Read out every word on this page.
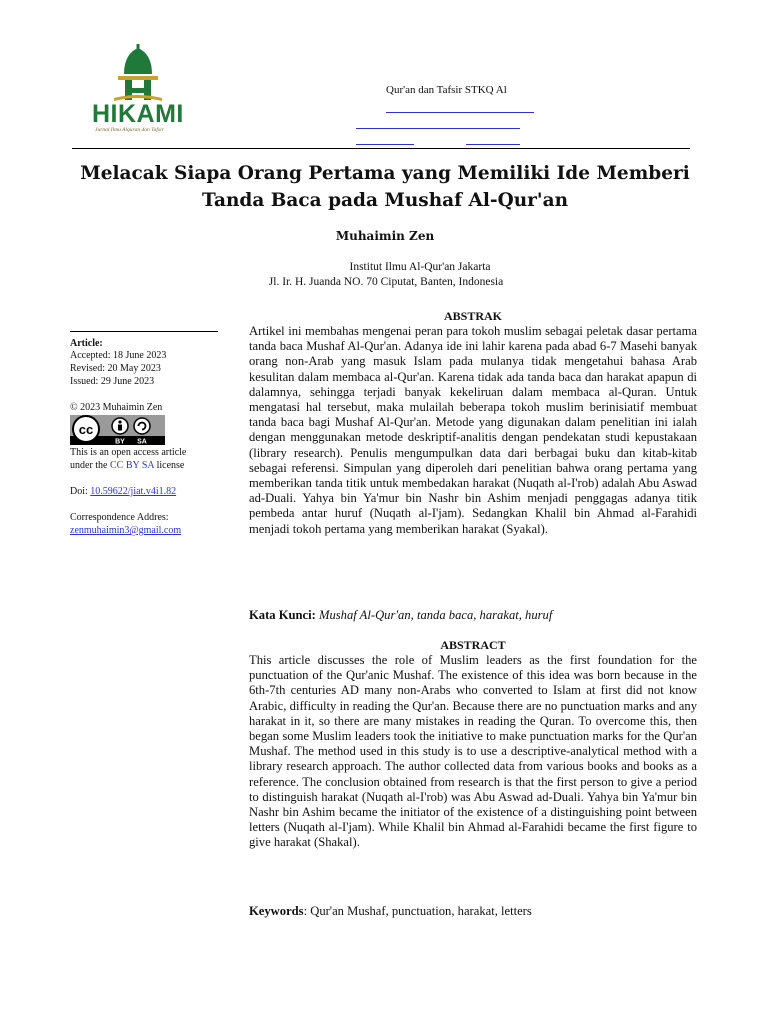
HIKAMI
Jurnal Ilmu Alquran dan Tafsir
Qur'an dan Tafsir STKQ Al
Melacak Siapa Orang Pertama yang Memiliki Ide Memberi Tanda Baca pada Mushaf Al-Qur'an
Muhaimin Zen
Institut Ilmu Al-Qur'an Jakarta
Jl. Ir. H. Juanda NO. 70 Ciputat, Banten, Indonesia
Article:
Accepted: 18 June 2023
Revised: 20 May 2023
Issued: 29 June 2023
© 2023 Muhaimin Zen
cc
BY SA
This is an open access article
under the CC BY SA license
Doi: 10.59622/jiat.v4i1.82
Correspondence Addres:
zenmuhaimin3@gmail.com
ABSTRAK
Artikel ini membahas mengenai peran para tokoh muslim sebagai peletak dasar pertama tanda baca Mushaf Al-Qur'an. Adanya ide ini lahir karena pada abad 6-7 Masehi banyak orang non-Arab yang masuk Islam pada mulanya tidak mengetahui bahasa Arab kesulitan dalam membaca al-Qur'an. Karena tidak ada tanda baca dan harakat apapun di dalamnya, sehingga terjadi banyak kekeliruan dalam membaca al-Quran. Untuk mengatasi hal tersebut, maka mulailah beberapa tokoh muslim berinisiatif membuat tanda baca bagi Mushaf Al-Qur'an. Metode yang digunakan dalam penelitian ini ialah dengan menggunakan metode deskriptif-analitis dengan pendekatan studi kepustakaan (library research). Penulis mengumpulkan data dari berbagai buku dan kitab-kitab sebagai referensi. Simpulan yang diperoleh dari penelitian bahwa orang pertama yang memberikan tanda titik untuk membedakan harakat (Nuqath al-I'rob) adalah Abu Aswad ad-Duali. Yahya bin Ya'mur bin Nashr bin Ashim menjadi penggagas adanya titik pembeda antar huruf (Nuqath al-I'jam). Sedangkan Khalil bin Ahmad al-Farahidi menjadi tokoh pertama yang memberikan harakat (Syakal).
Kata Kunci: Mushaf Al-Qur'an, tanda baca, harakat, huruf
ABSTRACT
This article discusses the role of Muslim leaders as the first foundation for the punctuation of the Qur'anic Mushaf. The existence of this idea was born because in the 6th-7th centuries AD many non-Arabs who converted to Islam at first did not know Arabic, difficulty in reading the Qur'an. Because there are no punctuation marks and any harakat in it, so there are many mistakes in reading the Quran. To overcome this, then began some Muslim leaders took the initiative to make punctuation marks for the Qur'an Mushaf. The method used in this study is to use a descriptive-analytical method with a library research approach. The author collected data from various books and books as a reference. The conclusion obtained from research is that the first person to give a period to distinguish harakat (Nuqath al-I'rob) was Abu Aswad ad-Duali. Yahya bin Ya'mur bin Nashr bin Ashim became the initiator of the existence of a distinguishing point between letters (Nuqath al-I'jam). While Khalil bin Ahmad al-Farahidi became the first figure to give harakat (Shakal).
Keywords: Qur'an Mushaf, punctuation, harakat, letters
